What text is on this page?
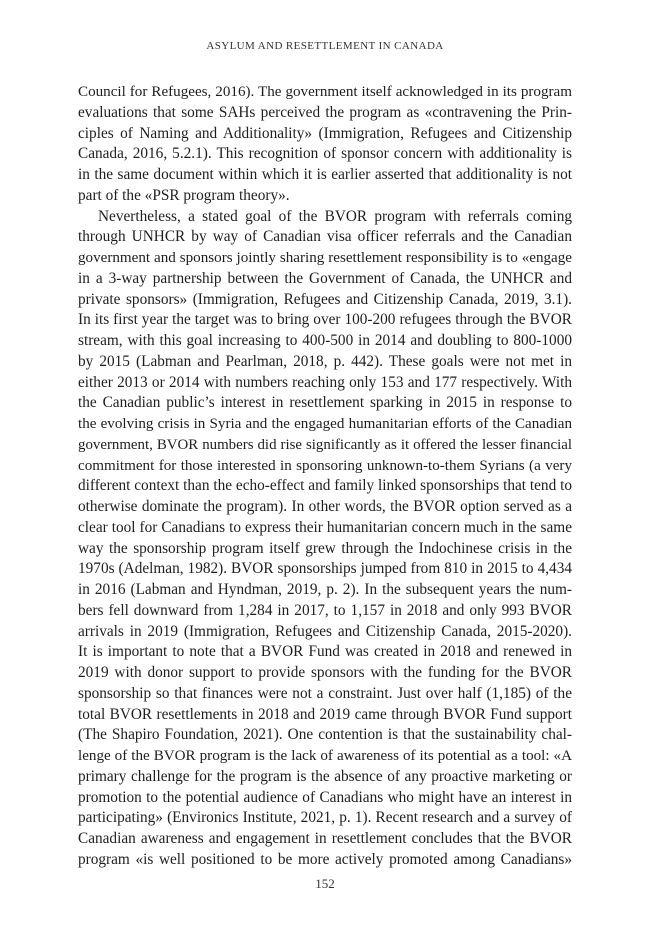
ASYLUM AND RESETTLEMENT IN CANADA
Council for Refugees, 2016). The government itself acknowledged in its program
evaluations that some SAHs perceived the program as «contravening the Prin-
ciples of Naming and Additionality» (Immigration, Refugees and Citizenship
Canada, 2016, 5.2.1). This recognition of sponsor concern with additionality is
in the same document within which it is earlier asserted that additionality is not
part of the «PSR program theory».
Nevertheless, a stated goal of the BVOR program with referrals coming
through UNHCR by way of Canadian visa officer referrals and the Canadian
government and sponsors jointly sharing resettlement responsibility is to «engage
in a 3-way partnership between the Government of Canada, the UNHCR and
private sponsors» (Immigration, Refugees and Citizenship Canada, 2019, 3.1).
In its first year the target was to bring over 100-200 refugees through the BVOR
stream, with this goal increasing to 400-500 in 2014 and doubling to 800-1000
by 2015 (Labman and Pearlman, 2018, p. 442). These goals were not met in
either 2013 or 2014 with numbers reaching only 153 and 177 respectively. With
the Canadian public’s interest in resettlement sparking in 2015 in response to
the evolving crisis in Syria and the engaged humanitarian efforts of the Canadian
government, BVOR numbers did rise significantly as it offered the lesser financial
commitment for those interested in sponsoring unknown-to-them Syrians (a very
different context than the echo-effect and family linked sponsorships that tend to
otherwise dominate the program). In other words, the BVOR option served as a
clear tool for Canadians to express their humanitarian concern much in the same
way the sponsorship program itself grew through the Indochinese crisis in the
1970s (Adelman, 1982). BVOR sponsorships jumped from 810 in 2015 to 4,434
in 2016 (Labman and Hyndman, 2019, p. 2). In the subsequent years the num-
bers fell downward from 1,284 in 2017, to 1,157 in 2018 and only 993 BVOR
arrivals in 2019 (Immigration, Refugees and Citizenship Canada, 2015-2020).
It is important to note that a BVOR Fund was created in 2018 and renewed in
2019 with donor support to provide sponsors with the funding for the BVOR
sponsorship so that finances were not a constraint. Just over half (1,185) of the
total BVOR resettlements in 2018 and 2019 came through BVOR Fund support
(The Shapiro Foundation, 2021). One contention is that the sustainability chal-
lenge of the BVOR program is the lack of awareness of its potential as a tool: «A
primary challenge for the program is the absence of any proactive marketing or
promotion to the potential audience of Canadians who might have an interest in
participating» (Environics Institute, 2021, p. 1). Recent research and a survey of
Canadian awareness and engagement in resettlement concludes that the BVOR
program «is well positioned to be more actively promoted among Canadians»
152
